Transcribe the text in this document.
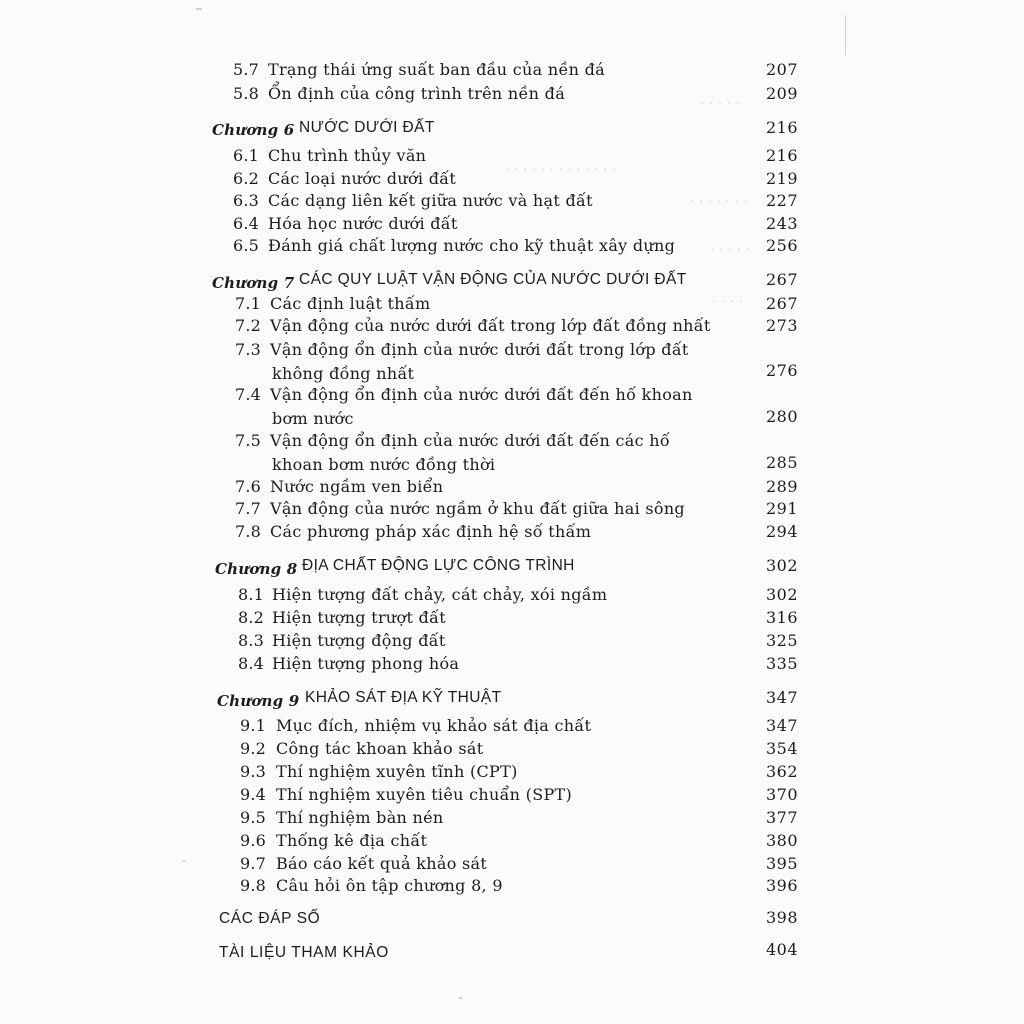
. . . . .
. . . . . . . . . . . . .
. . . . . . .
. . . . .
. . . .
5.7 Trạng thái ứng suất ban đầu của nền đá	207
5.8 Ổn định của công trình trên nền đá	209
Chương 6 NƯỚC DƯỚI ĐẤT	216
6.1 Chu trình thủy văn	216
6.2 Các loại nước dưới đất	219
6.3 Các dạng liên kết giữa nước và hạt đất	227
6.4 Hóa học nước dưới đất	243
6.5 Đánh giá chất lượng nước cho kỹ thuật xây dựng	256
Chương 7 CÁC QUY LUẬT VẬN ĐỘNG CỦA NƯỚC DƯỚI ĐẤT	267
7.1 Các định luật thấm	267
7.2 Vận động của nước dưới đất trong lớp đất đồng nhất	273
7.3 Vận động ổn định của nước dưới đất trong lớp đất
không đồng nhất	276
7.4 Vận động ổn định của nước dưới đất đến hố khoan
bơm nước	280
7.5 Vận động ổn định của nước dưới đất đến các hố
khoan bơm nước đồng thời	285
7.6 Nước ngầm ven biển	289
7.7 Vận động của nước ngầm ở khu đất giữa hai sông	291
7.8 Các phương pháp xác định hệ số thấm	294
Chương 8 ĐỊA CHẤT ĐỘNG LỰC CÔNG TRÌNH	302
8.1 Hiện tượng đất chảy, cát chảy, xói ngầm	302
8.2 Hiện tượng trượt đất	316
8.3 Hiện tượng động đất	325
8.4 Hiện tượng phong hóa	335
Chương 9 KHẢO SÁT ĐỊA KỸ THUẬT	347
9.1 Mục đích, nhiệm vụ khảo sát địa chất	347
9.2 Công tác khoan khảo sát	354
9.3 Thí nghiệm xuyên tĩnh (CPT)	362
9.4 Thí nghiệm xuyên tiêu chuẩn (SPT)	370
9.5 Thí nghiệm bàn nén	377
9.6 Thống kê địa chất	380
9.7 Báo cáo kết quả khảo sát	395
9.8 Câu hỏi ôn tập chương 8, 9	396
CÁC ĐÁP SỐ	398
TÀI LIỆU THAM KHẢO	404
